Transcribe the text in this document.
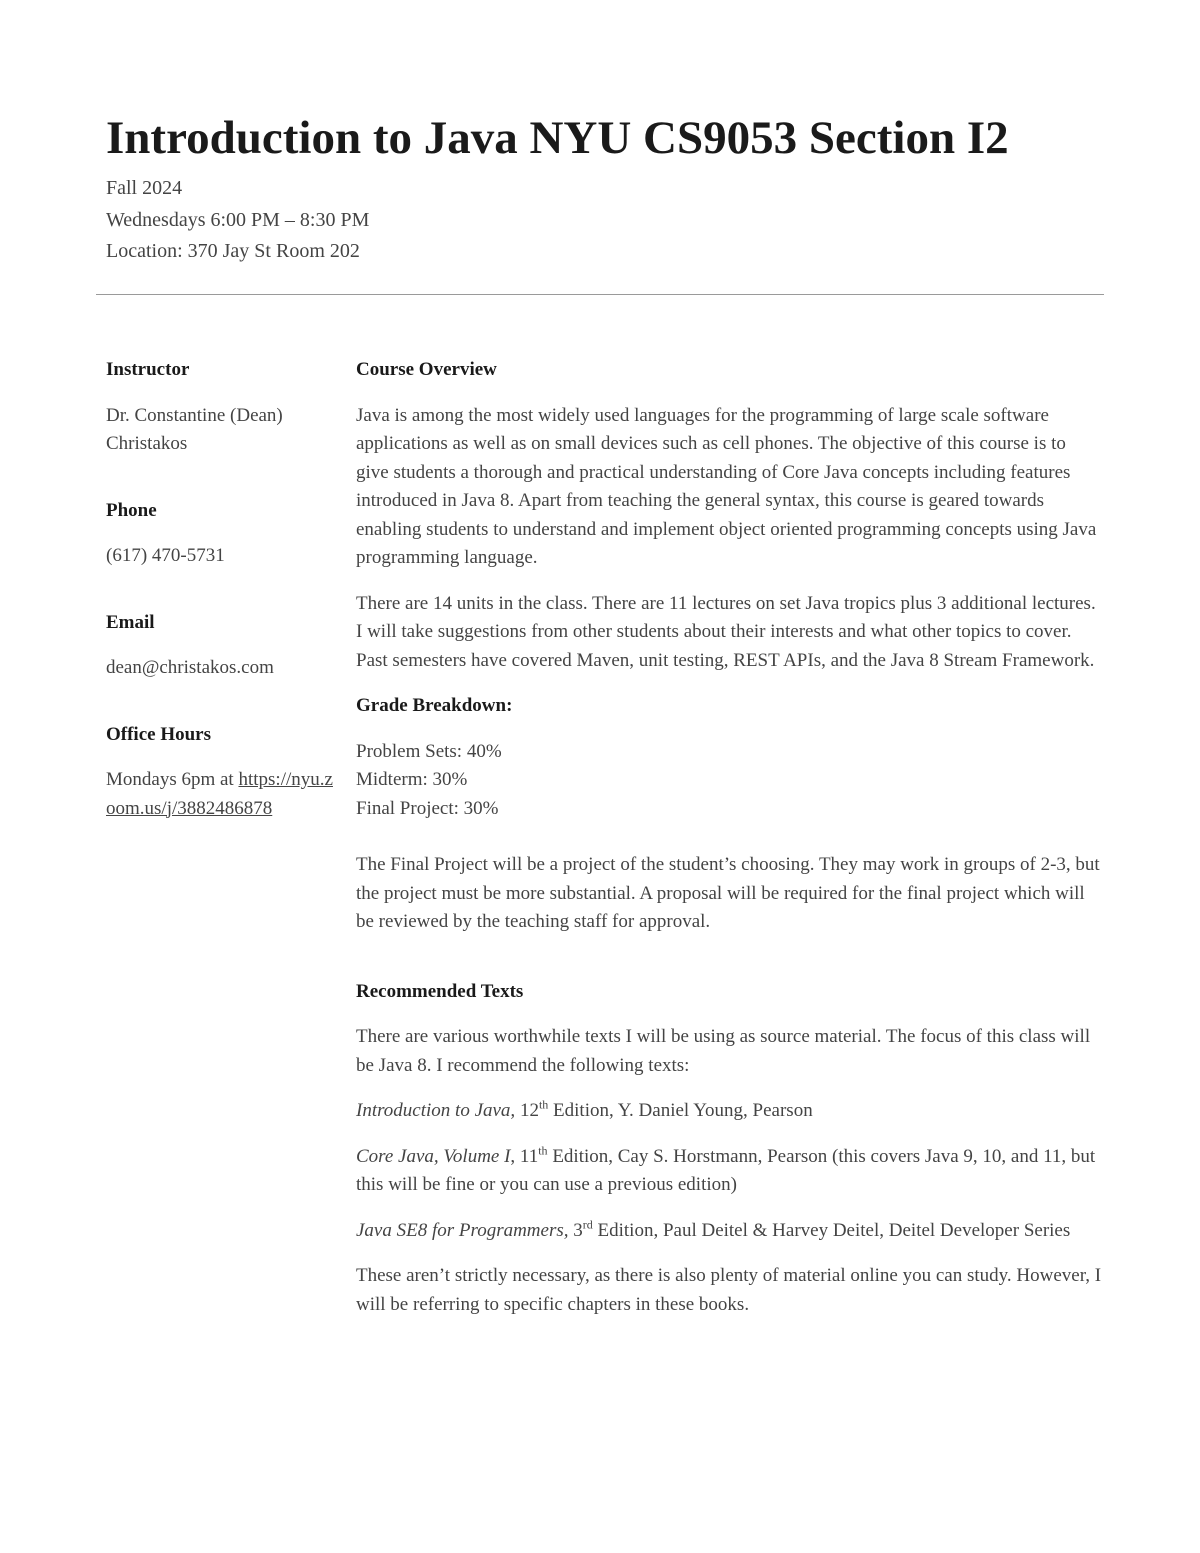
Introduction to Java NYU CS9053 Section I2
Fall 2024
Wednesdays 6:00 PM – 8:30 PM
Location: 370 Jay St Room 202

Instructor

Dr. Constantine (Dean) Christakos

Phone

(617) 470-5731

Email

dean@christakos.com

Office Hours

Mondays 6pm at https://nyu.zoom.us/j/3882486878

Course Overview

Java is among the most widely used languages for the programming of large scale software applications as well as on small devices such as cell phones. The objective of this course is to give students a thorough and practical understanding of Core Java concepts including features introduced in Java 8. Apart from teaching the general syntax, this course is geared towards enabling students to understand and implement object oriented programming concepts using Java programming language.

There are 14 units in the class. There are 11 lectures on set Java tropics plus 3 additional lectures. I will take suggestions from other students about their interests and what other topics to cover. Past semesters have covered Maven, unit testing, REST APIs, and the Java 8 Stream Framework.

Grade Breakdown:

Problem Sets: 40%
Midterm: 30%
Final Project: 30%

The Final Project will be a project of the student’s choosing. They may work in groups of 2-3, but the project must be more substantial. A proposal will be required for the final project which will be reviewed by the teaching staff for approval.

Recommended Texts

There are various worthwhile texts I will be using as source material. The focus of this class will be Java 8. I recommend the following texts:

Introduction to Java, 12th Edition, Y. Daniel Young, Pearson

Core Java, Volume I, 11th Edition, Cay S. Horstmann, Pearson (this covers Java 9, 10, and 11, but this will be fine or you can use a previous edition)

Java SE8 for Programmers, 3rd Edition, Paul Deitel & Harvey Deitel, Deitel Developer Series

These aren’t strictly necessary, as there is also plenty of material online you can study. However, I will be referring to specific chapters in these books.
